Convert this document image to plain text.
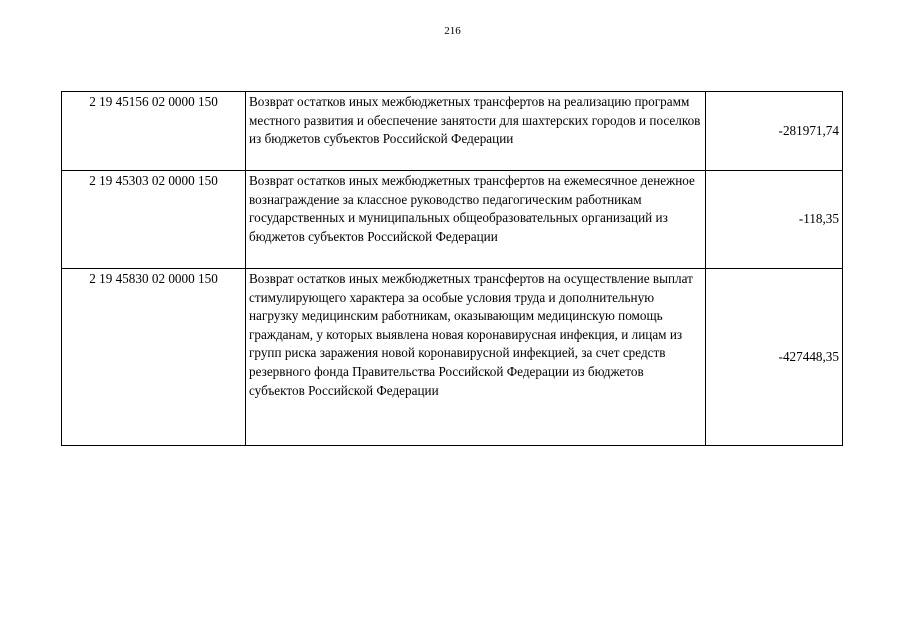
216
2 19 45156 02 0000 150	Возврат остатков иных межбюджетных трансфертов на реализацию программ местного развития и обеспечение занятости для шахтерских городов и поселков из бюджетов субъектов Российской Федерации	-281971,74
2 19 45303 02 0000 150	Возврат остатков иных межбюджетных трансфертов на ежемесячное денежное вознаграждение за классное руководство педагогическим работникам государственных и муниципальных общеобразовательных организаций из бюджетов субъектов Российской Федерации	-118,35
2 19 45830 02 0000 150	Возврат остатков иных межбюджетных трансфертов на осуществление выплат стимулирующего характера за особые условия труда и дополнительную нагрузку медицинским работникам, оказывающим медицинскую помощь гражданам, у которых выявлена новая коронавирусная инфекция, и лицам из групп риска заражения новой коронавирусной инфекцией, за счет средств резервного фонда Правительства Российской Федерации из бюджетов субъектов Российской Федерации	-427448,35
